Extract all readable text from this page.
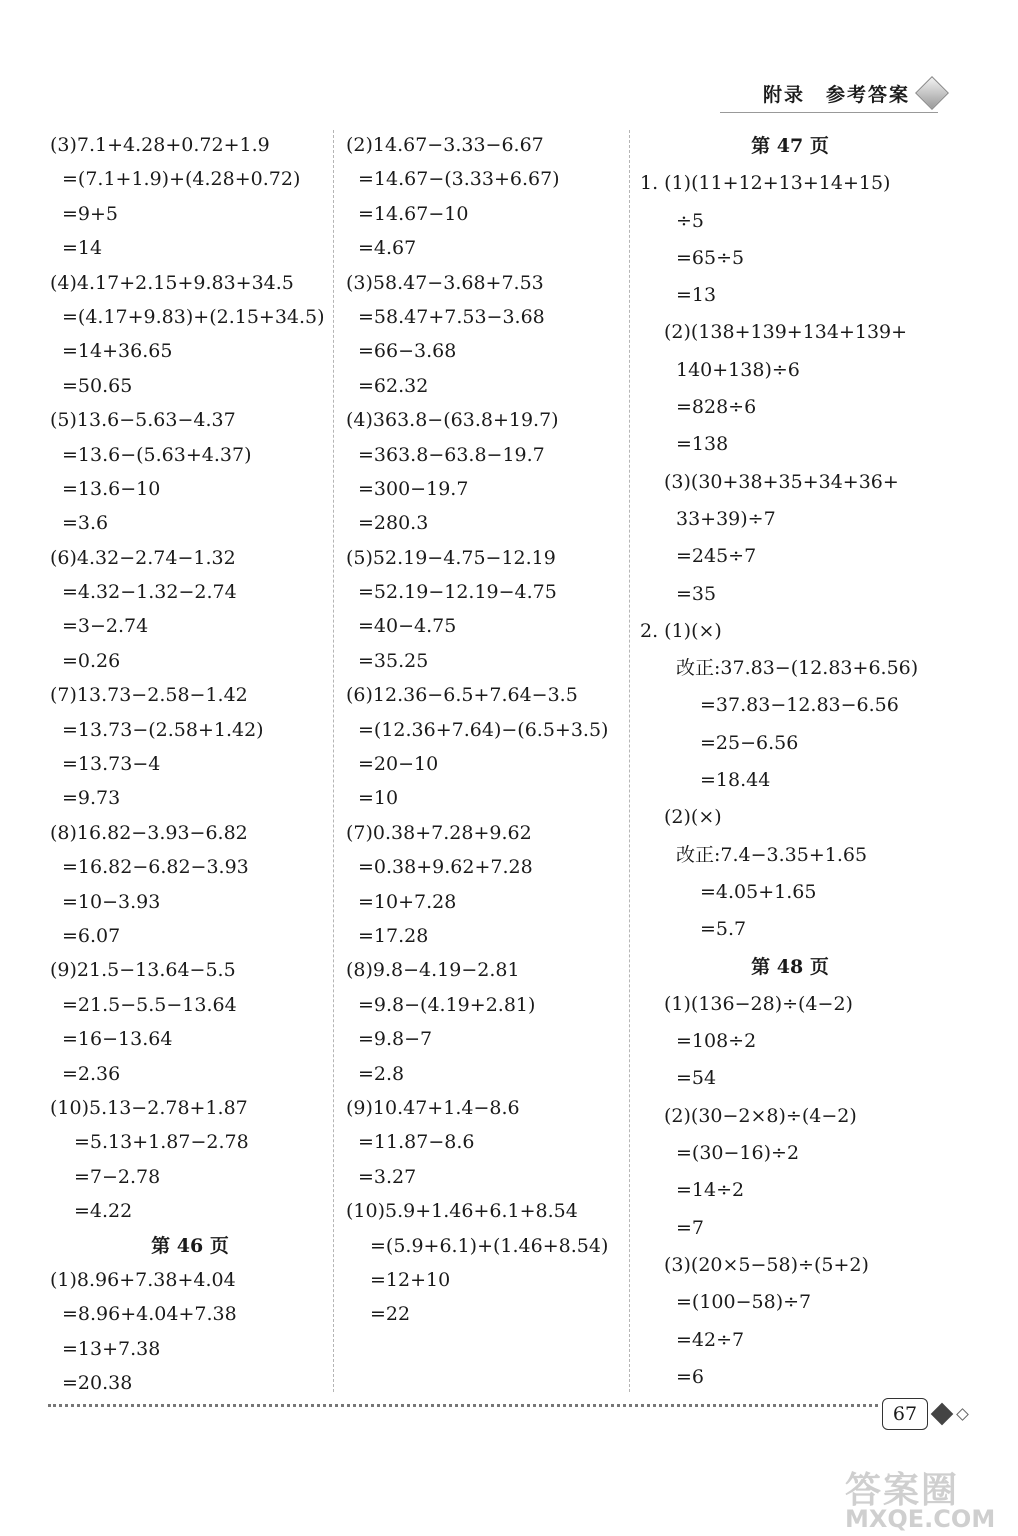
附录　参考答案
(3)7.1+4.28+0.72+1.9
=(7.1+1.9)+(4.28+0.72)
=9+5
=14
(4)4.17+2.15+9.83+34.5
=(4.17+9.83)+(2.15+34.5)
=14+36.65
=50.65
(5)13.6−5.63−4.37
=13.6−(5.63+4.37)
=13.6−10
=3.6
(6)4.32−2.74−1.32
=4.32−1.32−2.74
=3−2.74
=0.26
(7)13.73−2.58−1.42
=13.73−(2.58+1.42)
=13.73−4
=9.73
(8)16.82−3.93−6.82
=16.82−6.82−3.93
=10−3.93
=6.07
(9)21.5−13.64−5.5
=21.5−5.5−13.64
=16−13.64
=2.36
(10)5.13−2.78+1.87
=5.13+1.87−2.78
=7−2.78
=4.22
第 46 页
(1)8.96+7.38+4.04
=8.96+4.04+7.38
=13+7.38
=20.38
(2)14.67−3.33−6.67
=14.67−(3.33+6.67)
=14.67−10
=4.67
(3)58.47−3.68+7.53
=58.47+7.53−3.68
=66−3.68
=62.32
(4)363.8−(63.8+19.7)
=363.8−63.8−19.7
=300−19.7
=280.3
(5)52.19−4.75−12.19
=52.19−12.19−4.75
=40−4.75
=35.25
(6)12.36−6.5+7.64−3.5
=(12.36+7.64)−(6.5+3.5)
=20−10
=10
(7)0.38+7.28+9.62
=0.38+9.62+7.28
=10+7.28
=17.28
(8)9.8−4.19−2.81
=9.8−(4.19+2.81)
=9.8−7
=2.8
(9)10.47+1.4−8.6
=11.87−8.6
=3.27
(10)5.9+1.46+6.1+8.54
=(5.9+6.1)+(1.46+8.54)
=12+10
=22
第 47 页
1. (1)(11+12+13+14+15)
÷5
=65÷5
=13
(2)(138+139+134+139+
140+138)÷6
=828÷6
=138
(3)(30+38+35+34+36+
33+39)÷7
=245÷7
=35
2. (1)(×)
改正:37.83−(12.83+6.56)
=37.83−12.83−6.56
=25−6.56
=18.44
(2)(×)
改正:7.4−3.35+1.65
=4.05+1.65
=5.7
第 48 页
(1)(136−28)÷(4−2)
=108÷2
=54
(2)(30−2×8)÷(4−2)
=(30−16)÷2
=14÷2
=7
(3)(20×5−58)÷(5+2)
=(100−58)÷7
=42÷7
=6
67
答案圈
MXQE.COM
